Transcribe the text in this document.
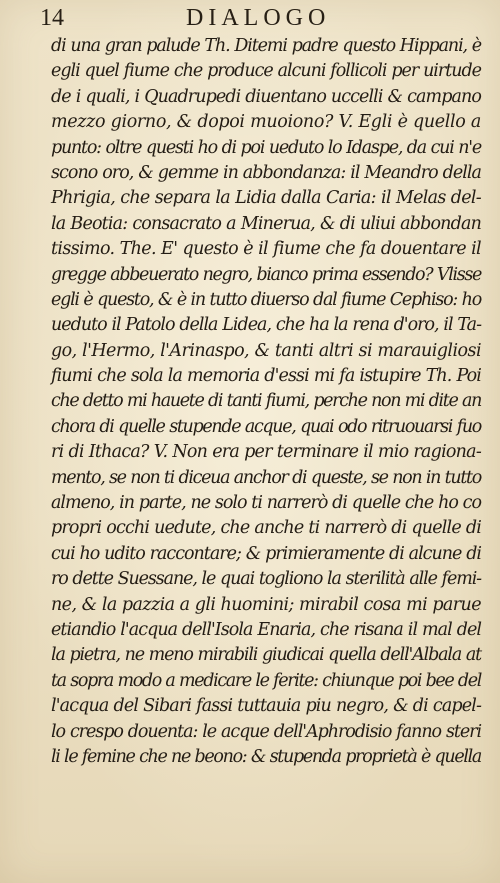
14	DIALOGO
di una gran palude Th. Ditemi padre questo Hippani, è
egli quel fiume che produce alcuni follicoli per uirtude
de i quali, i Quadrupedi diuentano uccelli & campano
mezzo giorno, & dopoi muoiono? V. Egli è quello a
punto: oltre questi ho di poi ueduto lo Idaspe, da cui n'e
scono oro, & gemme in abbondanza: il Meandro della
Phrigia, che separa la Lidia dalla Caria: il Melas del-
la Beotia: consacrato a Minerua, & di uliui abbondan
tissimo. The. E' questo è il fiume che fa douentare il
gregge abbeuerato negro, bianco prima essendo? Vlisse
egli è questo, & è in tutto diuerso dal fiume Cephiso: ho
ueduto il Patolo della Lidea, che ha la rena d'oro, il Ta-
go, l'Hermo, l'Arinaspo, & tanti altri si marauigliosi
fiumi che sola la memoria d'essi mi fa istupire Th. Poi
che detto mi hauete di tanti fiumi, perche non mi dite an
chora di quelle stupende acque, quai odo ritruouarsi fuo
ri di Ithaca? V. Non era per terminare il mio ragiona-
mento, se non ti diceua anchor di queste, se non in tutto
almeno, in parte, ne solo ti narrerò di quelle che ho co
propri occhi uedute, che anche ti narrerò di quelle di
cui ho udito raccontare; & primieramente di alcune di
ro dette Suessane, le quai togliono la sterilità alle femi-
ne, & la pazzia a gli huomini; mirabil cosa mi parue
etiandio l'acqua dell'Isola Enaria, che risana il mal del
la pietra, ne meno mirabili giudicai quella dell'Albala at
ta sopra modo a medicare le ferite: chiunque poi bee del
l'acqua del Sibari fassi tuttauia piu negro, & di capel-
lo crespo douenta: le acque dell'Aphrodisio fanno steri
li le femine che ne beono: & stupenda proprietà è quella
